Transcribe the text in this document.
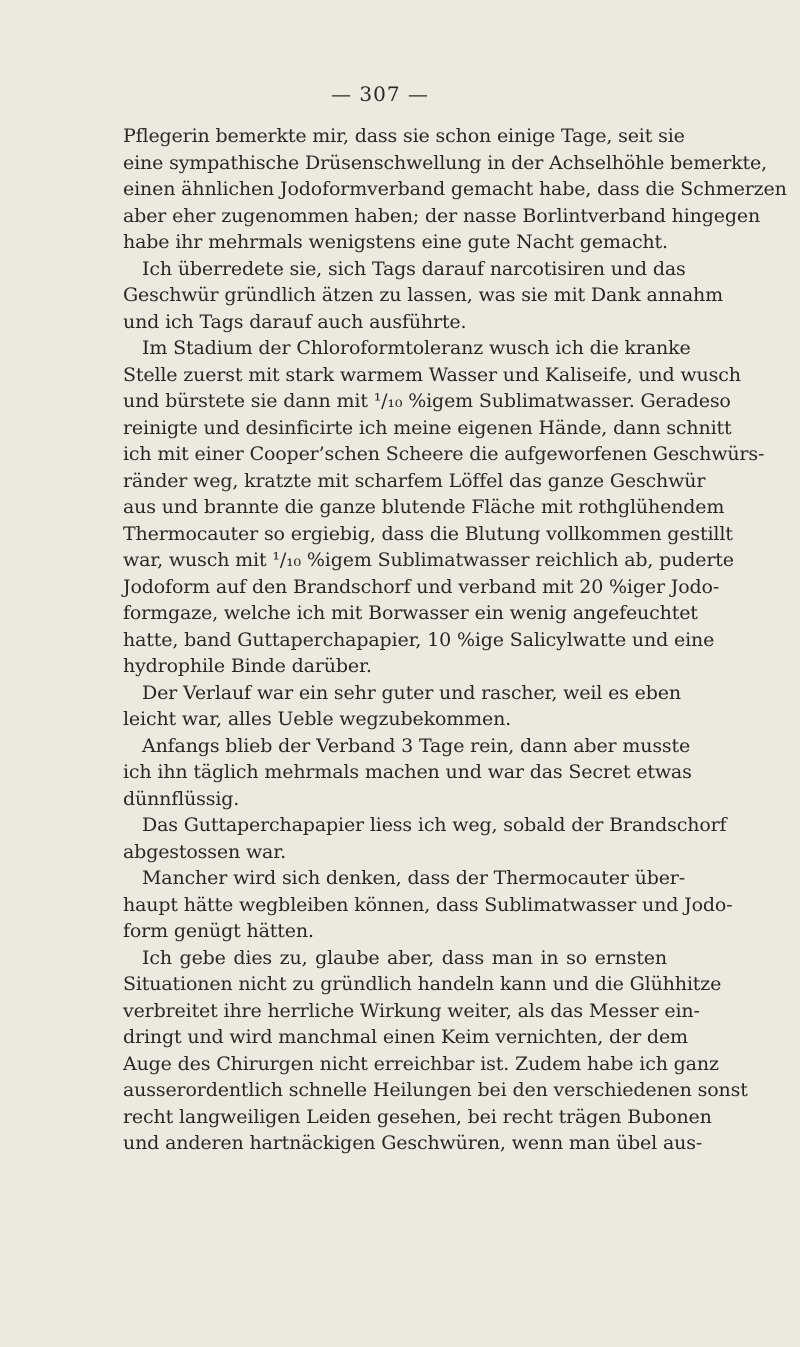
— 307 —
Pflegerin bemerkte mir, dass sie schon einige Tage, seit sie
eine sympathische Drüsenschwellung in der Achselhöhle bemerkte,
einen ähnlichen Jodoformverband gemacht habe, dass die Schmerzen
aber eher zugenommen haben; der nasse Borlintverband hingegen
habe ihr mehrmals wenigstens eine gute Nacht gemacht.
Ich überredete sie, sich Tags darauf narcotisiren und das
Geschwür gründlich ätzen zu lassen, was sie mit Dank annahm
und ich Tags darauf auch ausführte.
Im Stadium der Chloroformtoleranz wusch ich die kranke
Stelle zuerst mit stark warmem Wasser und Kaliseife, und wusch
und bürstete sie dann mit ¹/₁₀ %igem Sublimatwasser. Geradeso
reinigte und desinficirte ich meine eigenen Hände, dann schnitt
ich mit einer Cooper’schen Scheere die aufgeworfenen Geschwürs-
ränder weg, kratzte mit scharfem Löffel das ganze Geschwür
aus und brannte die ganze blutende Fläche mit rothglühendem
Thermocauter so ergiebig, dass die Blutung vollkommen gestillt
war, wusch mit ¹/₁₀ %igem Sublimatwasser reichlich ab, puderte
Jodoform auf den Brandschorf und verband mit 20 %iger Jodo-
formgaze, welche ich mit Borwasser ein wenig angefeuchtet
hatte, band Guttaperchapapier, 10 %ige Salicylwatte und eine
hydrophile Binde darüber.
Der Verlauf war ein sehr guter und rascher, weil es eben
leicht war, alles Ueble wegzubekommen.
Anfangs blieb der Verband 3 Tage rein, dann aber musste
ich ihn täglich mehrmals machen und war das Secret etwas
dünnflüssig.
Das Guttaperchapapier liess ich weg, sobald der Brandschorf
abgestossen war.
Mancher wird sich denken, dass der Thermocauter über-
haupt hätte wegbleiben können, dass Sublimatwasser und Jodo-
form genügt hätten.
Ich gebe dies zu, glaube aber, dass man in so ernsten
Situationen nicht zu gründlich handeln kann und die Glühhitze
verbreitet ihre herrliche Wirkung weiter, als das Messer ein-
dringt und wird manchmal einen Keim vernichten, der dem
Auge des Chirurgen nicht erreichbar ist. Zudem habe ich ganz
ausserordentlich schnelle Heilungen bei den verschiedenen sonst
recht langweiligen Leiden gesehen, bei recht trägen Bubonen
und anderen hartnäckigen Geschwüren, wenn man übel aus-
